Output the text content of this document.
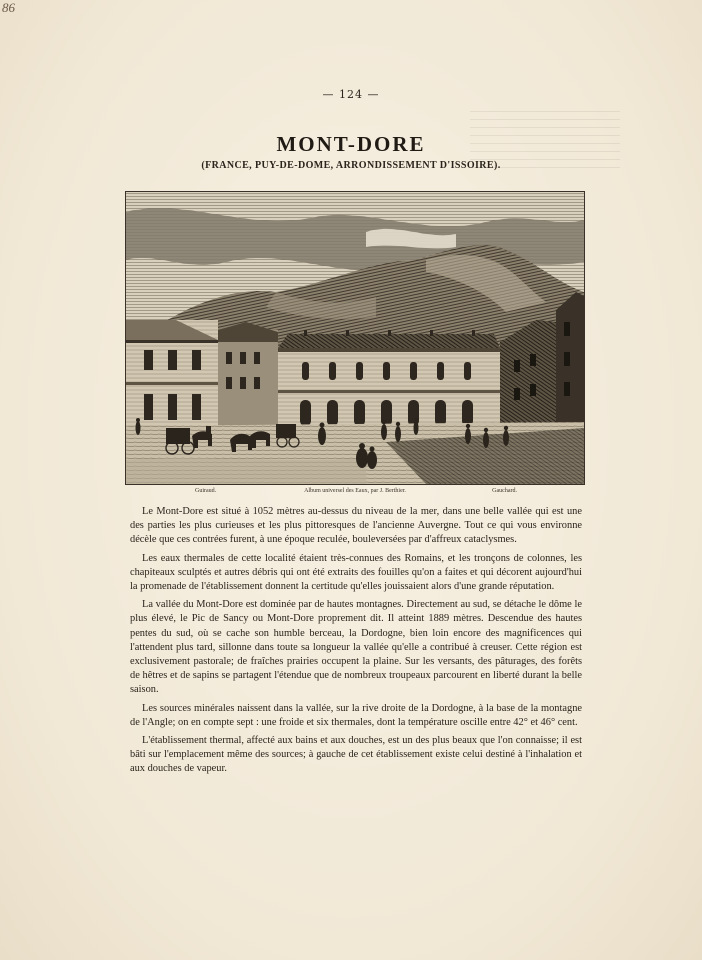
86
— 124 —
MONT-DORE
(FRANCE, PUY-DE-DOME, ARRONDISSEMENT D'ISSOIRE).
Guiraud.	Album universel des Eaux, par J. Berthier.	Gauchard.

Le Mont-Dore est situé à 1052 mètres au-dessus du niveau de la mer, dans une belle vallée qui est une des parties les plus curieuses et les plus pittoresques de l'ancienne Auvergne. Tout ce qui vous environne décèle que ces contrées furent, à une époque reculée, bouleversées par d'affreux cataclysmes.

Les eaux thermales de cette localité étaient très-connues des Romains, et les tronçons de colonnes, les chapiteaux sculptés et autres débris qui ont été extraits des fouilles qu'on a faites et qui décorent aujourd'hui la promenade de l'établissement donnent la certitude qu'elles jouissaient alors d'une grande réputation.

La vallée du Mont-Dore est dominée par de hautes montagnes. Directement au sud, se détache le dôme le plus élevé, le Pic de Sancy ou Mont-Dore proprement dit. Il atteint 1889 mètres. Descendue des hautes pentes du sud, où se cache son humble berceau, la Dordogne, bien loin encore des magnificences qui l'attendent plus tard, sillonne dans toute sa longueur la vallée qu'elle a contribué à creuser. Cette région est exclusivement pastorale; de fraîches prairies occupent la plaine. Sur les versants, des pâturages, des forêts de hêtres et de sapins se partagent l'étendue que de nombreux troupeaux parcourent en liberté durant la belle saison.

Les sources minérales naissent dans la vallée, sur la rive droite de la Dordogne, à la base de la montagne de l'Angle; on en compte sept : une froide et six thermales, dont la température oscille entre 42° et 46° cent.

L'établissement thermal, affecté aux bains et aux douches, est un des plus beaux que l'on connaisse; il est bâti sur l'emplacement même des sources; à gauche de cet établissement existe celui destiné à l'inhalation et aux douches de vapeur.
